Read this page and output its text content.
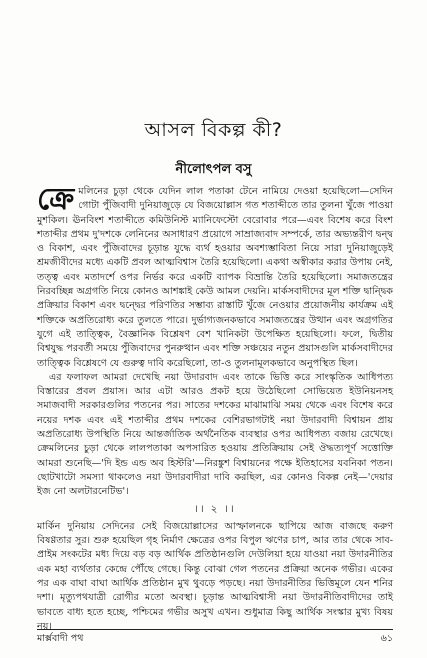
আসল বিকল্প কী?
নীলোৎপল বসু

ক্রে মলিনের চুড়া থেকে যেদিন লাল পতাকা টেনে নামিয়ে দেওয়া হয়েছিলো—সেদিন গোটা পুঁজিবাদী দুনিয়াজুড়ে যে বিজয়োল্লাস গত শতাব্দীতে তার তুলনা খুঁজে পাওয়া মুশকিল। ঊনবিংশ শতাব্দীতে কমিউনিস্ট ম্যানিফেস্টো বেরোবার পরে—এবং বিশেষ করে বিংশ শতাব্দীর প্রথম দু'দশকে লেনিনের অসাধারণ প্রয়োগে সাম্রাজ্যবাদ সম্পর্কে, তার অভ্যন্তরীণ দ্বন্দ্ব ও বিকাশ, এবং পুঁজিবাদের চূড়ান্ত যুদ্ধে ব্যর্থ হওয়ার অবশ্যম্ভাবিতা নিয়ে সারা দুনিয়াজুড়েই শ্রমজীবীদের মধ্যে একটি প্রবল আত্মবিশ্বাস তৈরি হয়েছিলো। একথা অস্বীকার করার উপায় নেই, তত্ত্ব এবং মতাদর্শে ওপর নির্ভর করে একটি ব্যাপক বিভ্রান্তি তৈরি হয়েছিলো। সমাজতন্ত্রের নিরবচ্ছিন্ন অগ্রগতি নিয়ে কোনও আশঙ্কাই কেউ আমল দেয়নি। মার্কসবাদীদের মূল শক্তি দ্বান্দ্বিক প্রক্রিয়ার বিকাশ এবং দ্বন্দ্বের পরিণতির সম্ভাব্য রাস্তাটি খুঁজে নেওয়ার প্রয়োজনীয় কার্যক্রম এই শক্তিকে অপ্রতিরোধ্য করে তুলতে পারে। দুর্ভাগ্যজনকভাবে সমাজতন্ত্রের উত্থান এবং অগ্রগতির যুগে এই তাত্ত্বিক, বৈজ্ঞানিক বিশ্লেষণ বেশ খানিকটা উপেক্ষিত হয়েছিলো। ফলে, দ্বিতীয় বিশ্বযুদ্ধ পরবর্তী সময়ে পুঁজিবাদের পুনরুত্থান এবং শক্তি সঞ্চয়ের নতুন প্রয়াসগুলি মার্কসবাদীদের তাত্ত্বিক বিশ্লেষণে যে গুরুত্ব দাবি করেছিলো, তা-ও তুলনামূলকভাবে অনুপস্থিত ছিল।

এর ফলাফল আমরা দেখেছি নয়া উদারবাদ এবং তাকে ভিত্তি করে সাংস্কৃতিক আধিপত্য বিস্তারের প্রবল প্রয়াস। আর এটা আরও প্রকট হয়ে উঠেছিলো সোভিয়েত ইউনিয়নসহ সমাজবাদী সরকারগুলির পতনের পর। সাতের দশকের মাঝামাঝি সময় থেকে এবং বিশেষ করে নয়ের দশক এবং এই শতাব্দীর প্রথম দশকের বেশিরভাগটাই নয়া উদারবাদী বিশ্বায়ন প্রায় অপ্রতিরোধ্য উপস্থিতি নিয়ে আন্তর্জাতিক অর্থনৈতিক ব্যবস্থার ওপর আধিপত্য বজায় রেখেছে। ক্রেমলিনের চুড়া থেকে লালপতাকা অপসারিত হওয়ায় প্রতিক্রিয়ায় সেই ঔদ্ধত্যপূর্ণ সত্তোক্তি আমরা শুনেছি—'দি ইন্ড এন্ড অব হিস্টরি'—নিরঙ্কুশ বিশ্বায়নের পক্ষে ইতিহাসের যবনিকা পতন। ছোটখাটো সমস্যা থাকলেও নয়া উদারবাদীরা দাবি করছিল, এর কোনও বিকল্প নেই—'দেয়ার ইজ নো অলটারনেটিভ'।

।। ২ ।।

মার্কিন দুনিয়ায় সেদিনের সেই বিজয়োল্লাসের আস্ফালনকে ছাপিয়ে আজ বাজছে করুণ বিষণ্ণতার সুর। শুরু হয়েছিল গৃহ নির্মাণ ক্ষেত্রের ওপর বিপুল ঋণের চাপ, আর তার থেকে সাব-প্রাইম সংকটের মধ্য দিয়ে বড় বড় আর্থিক প্রতিষ্ঠানগুলি দেউলিয়া হয়ে যাওয়া নয়া উদারনীতির এক মহা ব্যর্থতার কেন্দ্রে পৌঁছে গেছে। কিন্তু বোঝা গেল পতনের প্রক্রিয়া অনেক গভীর। একের পর এক বাঘা বাঘা আর্থিক প্রতিষ্ঠান মুখ থুবড়ে পড়ছে। নয়া উদারনীতির ভিত্তিমূলে যেন শনির দশা। মৃত্যুপথযাত্রী রোগীর মতো অবস্থা। চূড়ান্ত আত্মবিশ্বাসী নয়া উদারনীতিবাদীদের তাই ভাবতে বাধ্য হতে হচ্ছে, পশ্চিমের গভীর অসুখ এখন। শুধুমাত্র কিছু আর্থিক সংস্কার মুখ্য বিষয় নয়।

মার্ক্সবাদী পথ	৬১
